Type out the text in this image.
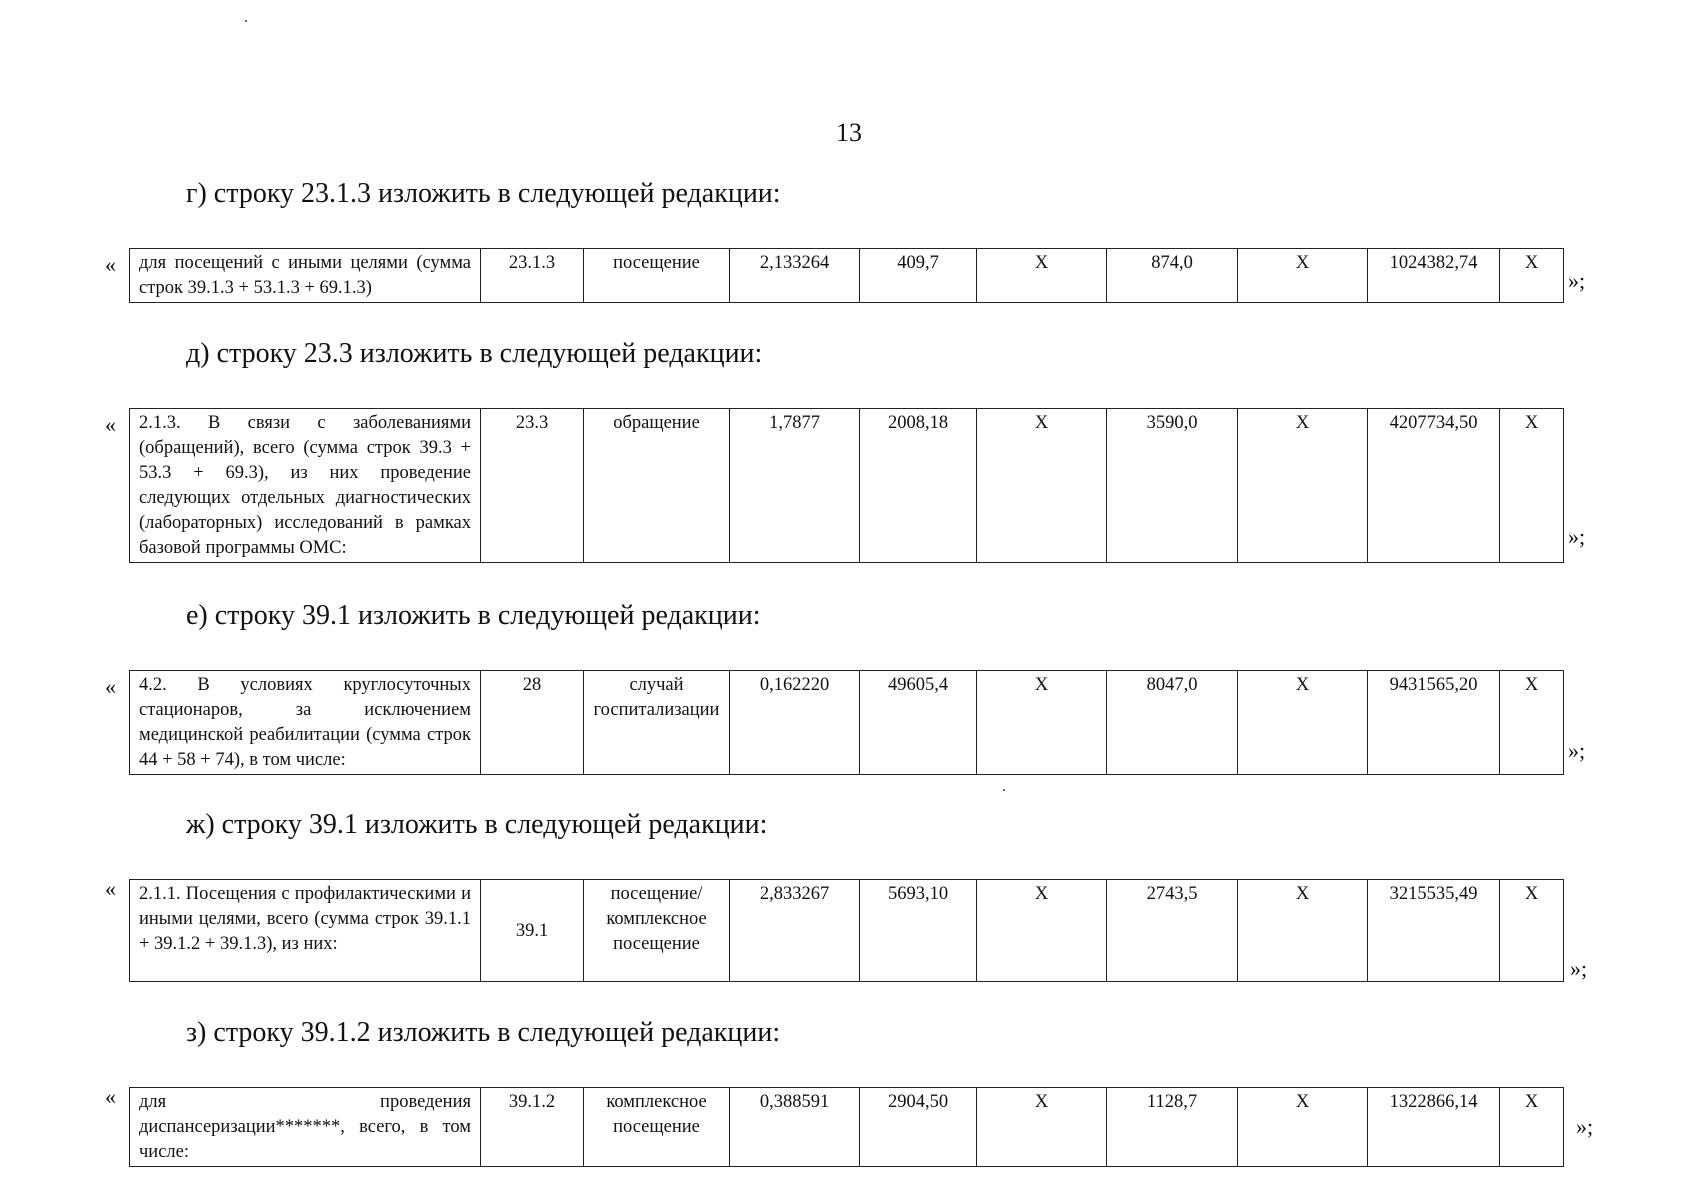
13
г) строку 23.1.3 изложить в следующей редакции:
« для посещений с иными целями (сумма строк 39.1.3 + 53.1.3 + 69.1.3)	23.1.3	посещение	2,133264	409,7	X	874,0	X	1024382,74	X
»;
д) строку 23.3 изложить в следующей редакции:
« 2.1.3. В связи с заболеваниями (обращений), всего (сумма строк 39.3 + 53.3 + 69.3), из них проведение следующих отдельных диагностических (лабораторных) исследований в рамках базовой программы ОМС:	23.3	обращение	1,7877	2008,18	X	3590,0	X	4207734,50	X
»;
е) строку 39.1 изложить в следующей редакции:
« 4.2. В условиях круглосуточных стационаров, за исключением медицинской реабилитации (сумма строк 44 + 58 + 74), в том числе:	28	случай госпитализации	0,162220	49605,4	X	8047,0	X	9431565,20	X
»;
ж) строку 39.1 изложить в следующей редакции:
« 2.1.1. Посещения с профилактическими и иными целями, всего (сумма строк 39.1.1 + 39.1.2 + 39.1.3), из них:	39.1	посещение/ комплексное посещение	2,833267	5693,10	X	2743,5	X	3215535,49	X
»;
з) строку 39.1.2 изложить в следующей редакции:
« для проведения диспансеризации*******, всего, в том числе:	39.1.2	комплексное посещение	0,388591	2904,50	X	1128,7	X	1322866,14	X
»;
